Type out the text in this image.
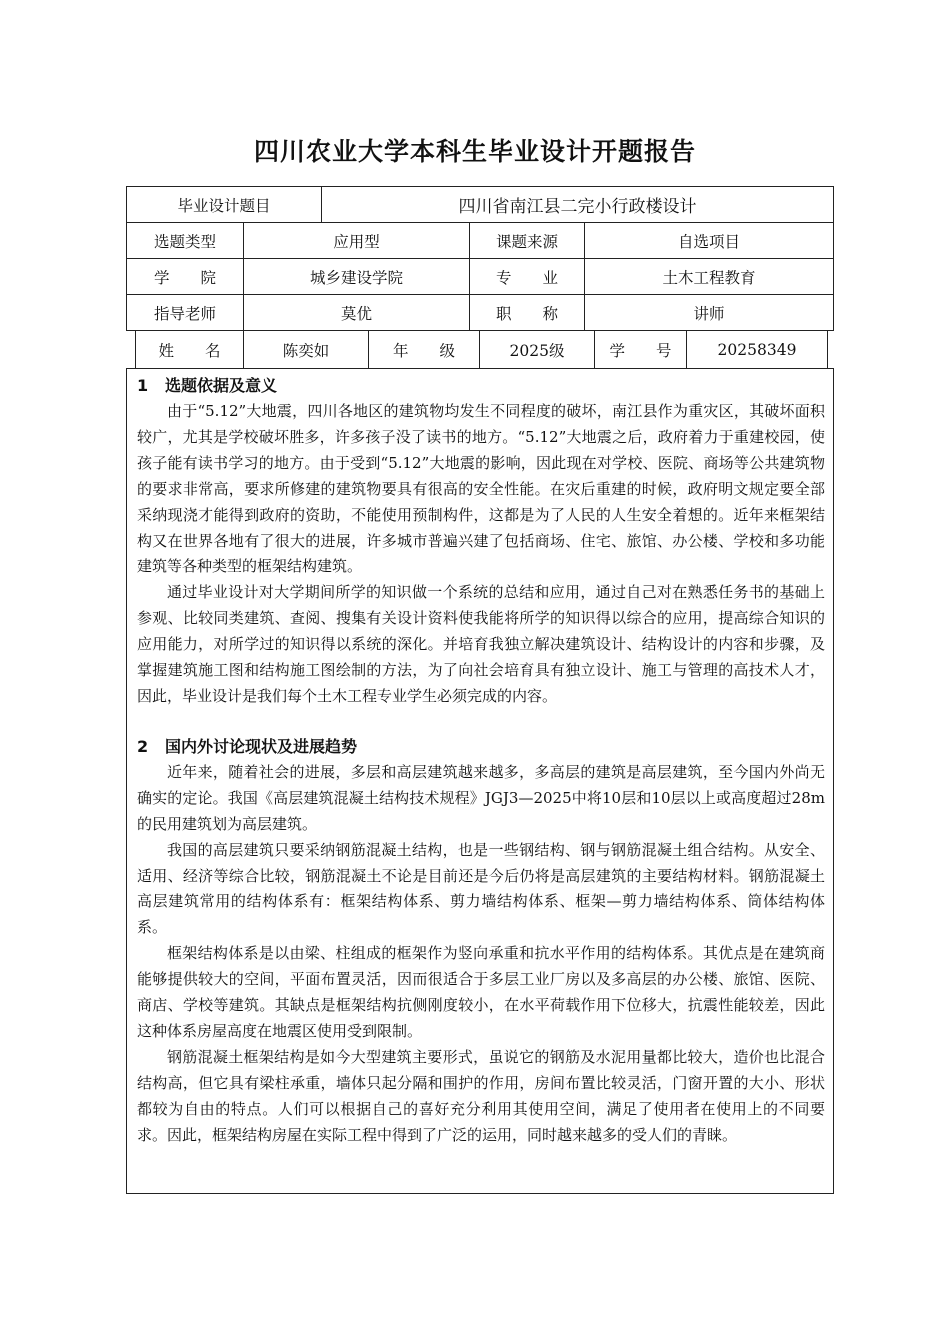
四川农业大学本科生毕业设计开题报告
毕业设计题目	四川省南江县二完小行政楼设计
选题类型	应用型	课题来源	自选项目
学　　院	城乡建设学院	专　　业	土木工程教育
指导老师	莫优	职　　称	讲师
姓　　名	陈奕如	年　　级	2025级	学　　号	20258349
1 选题依据及意义

由于“5.12”大地震，四川各地区的建筑物均发生不同程度的破坏，南江县作为重灾区，其破坏面积较广，尤其是学校破坏胜多，许多孩子没了读书的地方。“5.12”大地震之后，政府着力于重建校园，使孩子能有读书学习的地方。由于受到“5.12”大地震的影响，因此现在对学校、医院、商场等公共建筑物的要求非常高，要求所修建的建筑物要具有很高的安全性能。在灾后重建的时候，政府明文规定要全部采纳现浇才能得到政府的资助，不能使用预制构件，这都是为了人民的人生安全着想的。近年来框架结构又在世界各地有了很大的进展，许多城市普遍兴建了包括商场、住宅、旅馆、办公楼、学校和多功能建筑等各种类型的框架结构建筑。

通过毕业设计对大学期间所学的知识做一个系统的总结和应用，通过自己对在熟悉任务书的基础上参观、比较同类建筑、查阅、搜集有关设计资料使我能将所学的知识得以综合的应用，提高综合知识的应用能力，对所学过的知识得以系统的深化。并培育我独立解决建筑设计、结构设计的内容和步骤，及掌握建筑施工图和结构施工图绘制的方法，为了向社会培育具有独立设计、施工与管理的高技术人才，因此，毕业设计是我们每个土木工程专业学生必须完成的内容。

2 国内外讨论现状及进展趋势

近年来，随着社会的进展，多层和高层建筑越来越多，多高层的建筑是高层建筑，至今国内外尚无确实的定论。我国《高层建筑混凝土结构技术规程》JGJ3—2025中将10层和10层以上或高度超过28m的民用建筑划为高层建筑。

我国的高层建筑只要采纳钢筋混凝土结构，也是一些钢结构、钢与钢筋混凝土组合结构。从安全、适用、经济等综合比较，钢筋混凝土不论是目前还是今后仍将是高层建筑的主要结构材料。钢筋混凝土高层建筑常用的结构体系有：框架结构体系、剪力墙结构体系、框架—剪力墙结构体系、筒体结构体系。

框架结构体系是以由梁、柱组成的框架作为竖向承重和抗水平作用的结构体系。其优点是在建筑商能够提供较大的空间，平面布置灵活，因而很适合于多层工业厂房以及多高层的办公楼、旅馆、医院、商店、学校等建筑。其缺点是框架结构抗侧刚度较小，在水平荷载作用下位移大，抗震性能较差，因此这种体系房屋高度在地震区使用受到限制。

钢筋混凝土框架结构是如今大型建筑主要形式，虽说它的钢筋及水泥用量都比较大，造价也比混合结构高，但它具有梁柱承重，墙体只起分隔和围护的作用，房间布置比较灵活，门窗开置的大小、形状都较为自由的特点。人们可以根据自己的喜好充分利用其使用空间，满足了使用者在使用上的不同要求。因此，框架结构房屋在实际工程中得到了广泛的运用，同时越来越多的受人们的青睐。
